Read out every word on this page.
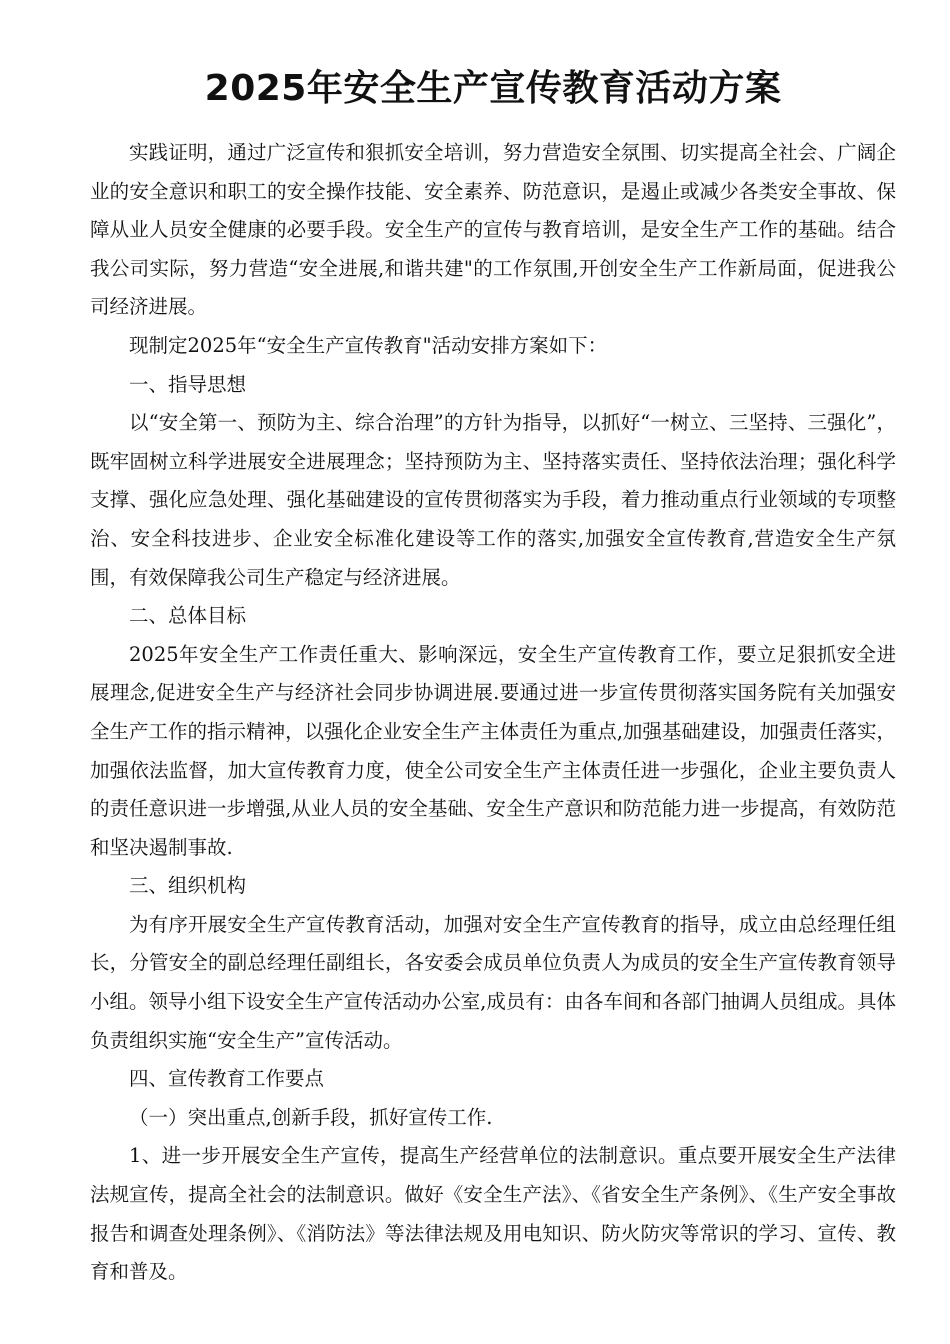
2025年安全生产宣传教育活动方案

实践证明，通过广泛宣传和狠抓安全培训，努力营造安全氛围、切实提高全社会、广阔企业的安全意识和职工的安全操作技能、安全素养、防范意识，是遏止或减少各类安全事故、保障从业人员安全健康的必要手段。安全生产的宣传与教育培训，是安全生产工作的基础。结合我公司实际，努力营造“安全进展,和谐共建"的工作氛围,开创安全生产工作新局面，促进我公司经济进展。

现制定2025年“安全生产宣传教育"活动安排方案如下：

一、指导思想

以“安全第一、预防为主、综合治理”的方针为指导，以抓好“一树立、三坚持、三强化”，既牢固树立科学进展安全进展理念；坚持预防为主、坚持落实责任、坚持依法治理；强化科学支撑、强化应急处理、强化基础建设的宣传贯彻落实为手段，着力推动重点行业领域的专项整治、安全科技进步、企业安全标准化建设等工作的落实,加强安全宣传教育,营造安全生产氛围，有效保障我公司生产稳定与经济进展。

二、总体目标

2025年安全生产工作责任重大、影响深远，安全生产宣传教育工作，要立足狠抓安全进展理念,促进安全生产与经济社会同步协调进展.要通过进一步宣传贯彻落实国务院有关加强安全生产工作的指示精神，以强化企业安全生产主体责任为重点,加强基础建设，加强责任落实，加强依法监督，加大宣传教育力度，使全公司安全生产主体责任进一步强化，企业主要负责人的责任意识进一步增强,从业人员的安全基础、安全生产意识和防范能力进一步提高，有效防范和坚决遏制事故.

三、组织机构

为有序开展安全生产宣传教育活动，加强对安全生产宣传教育的指导，成立由总经理任组长，分管安全的副总经理任副组长，各安委会成员单位负责人为成员的安全生产宣传教育领导小组。领导小组下设安全生产宣传活动办公室,成员有：由各车间和各部门抽调人员组成。具体负责组织实施“安全生产”宣传活动。

四、宣传教育工作要点

（一）突出重点,创新手段，抓好宣传工作.

1、进一步开展安全生产宣传，提高生产经营单位的法制意识。重点要开展安全生产法律法规宣传，提高全社会的法制意识。做好《安全生产法》、《省安全生产条例》、《生产安全事故报告和调查处理条例》、《消防法》等法律法规及用电知识、防火防灾等常识的学习、宣传、教育和普及。
